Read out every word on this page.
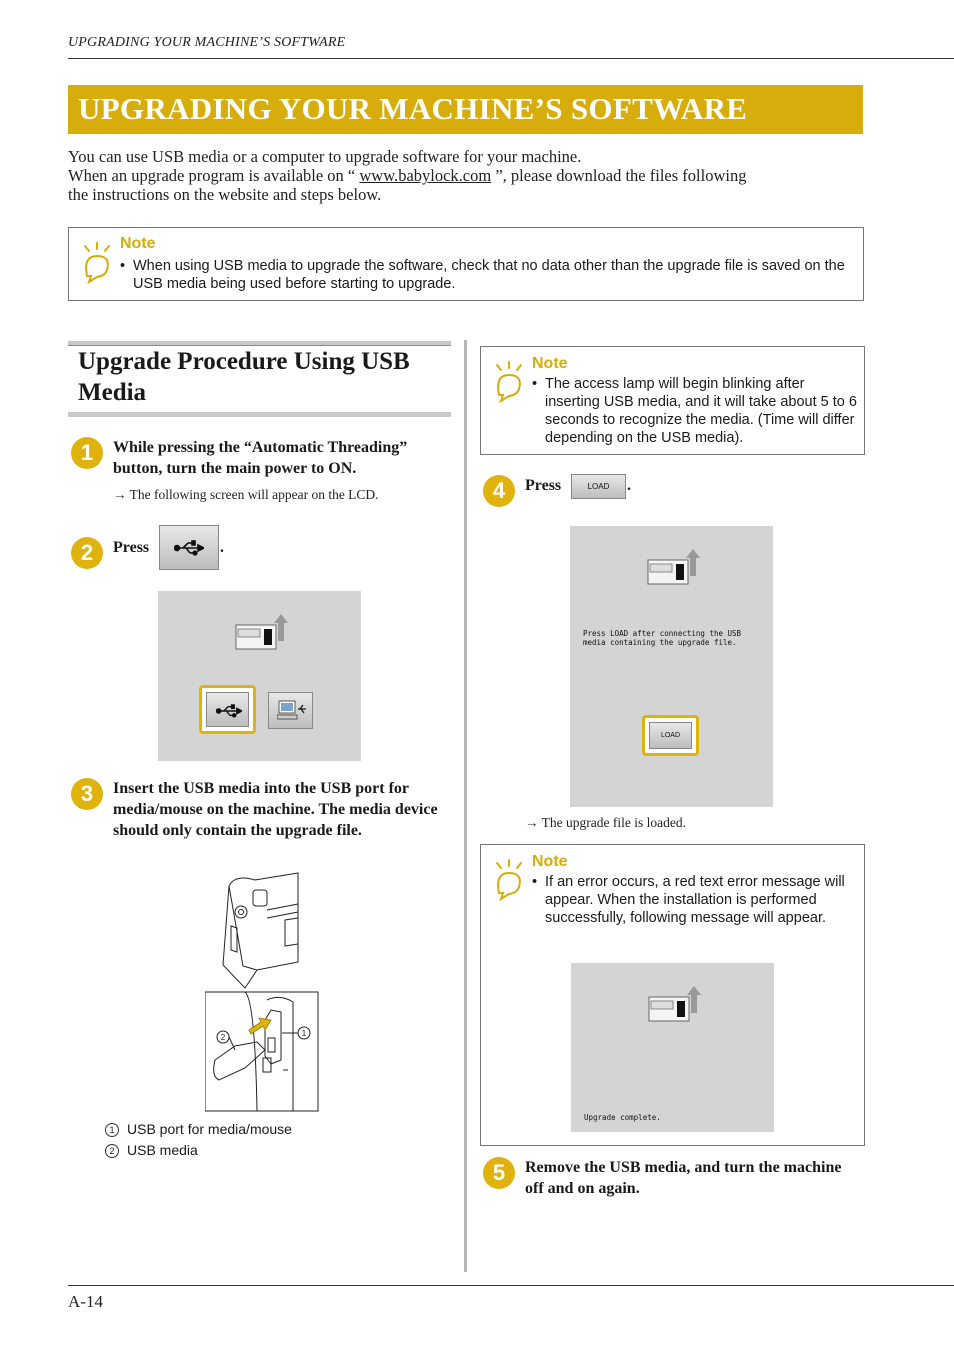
UPGRADING YOUR MACHINE’S SOFTWARE
UPGRADING YOUR MACHINE’S SOFTWARE
You can use USB media or a computer to upgrade software for your machine.
When an upgrade program is available on “ www.babylock.com ”, please download the files following
the instructions on the website and steps below.
Note
• When using USB media to upgrade the software, check that no data other than the upgrade file is saved on the USB media being used before starting to upgrade.
Upgrade Procedure Using USB Media
1	While pressing the “Automatic Threading” button, turn the main power to ON.
→ The following screen will appear on the LCD.
2	Press	.
3	Insert the USB media into the USB port for media/mouse on the machine. The media device should only contain the upgrade file.
1
2
1 USB port for media/mouse
2 USB media
Note
• The access lamp will begin blinking after inserting USB media, and it will take about 5 to 6 seconds to recognize the media. (Time will differ depending on the USB media).
4	Press	LOAD	.
Press LOAD after connecting the USB media containing the upgrade file.
LOAD
→ The upgrade file is loaded.
Note
• If an error occurs, a red text error message will appear. When the installation is performed successfully, following message will appear.
Upgrade complete.
5	Remove the USB media, and turn the machine off and on again.
A-14
